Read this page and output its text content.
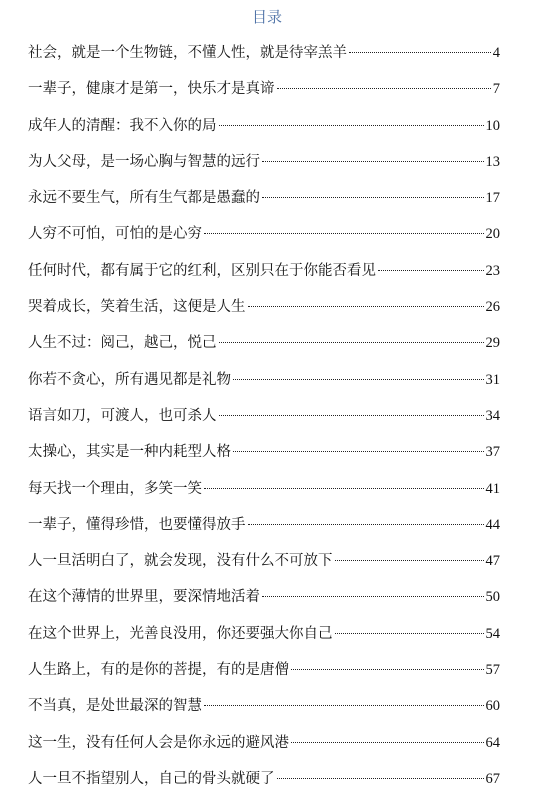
目录
社会，就是一个生物链，不懂人性，就是待宰羔羊	4
一辈子，健康才是第一，快乐才是真谛	7
成年人的清醒：我不入你的局	10
为人父母，是一场心胸与智慧的远行	13
永远不要生气，所有生气都是愚蠢的	17
人穷不可怕，可怕的是心穷	20
任何时代，都有属于它的红利，区别只在于你能否看见	23
哭着成长，笑着生活，这便是人生	26
人生不过：阅己，越己，悦己	29
你若不贪心，所有遇见都是礼物	31
语言如刀，可渡人，也可杀人	34
太操心，其实是一种内耗型人格	37
每天找一个理由，多笑一笑	41
一辈子，懂得珍惜，也要懂得放手	44
人一旦活明白了，就会发现，没有什么不可放下	47
在这个薄情的世界里，要深情地活着	50
在这个世界上，光善良没用，你还要强大你自己	54
人生路上，有的是你的菩提，有的是唐僧	57
不当真，是处世最深的智慧	60
这一生，没有任何人会是你永远的避风港	64
人一旦不指望别人，自己的骨头就硬了	67
